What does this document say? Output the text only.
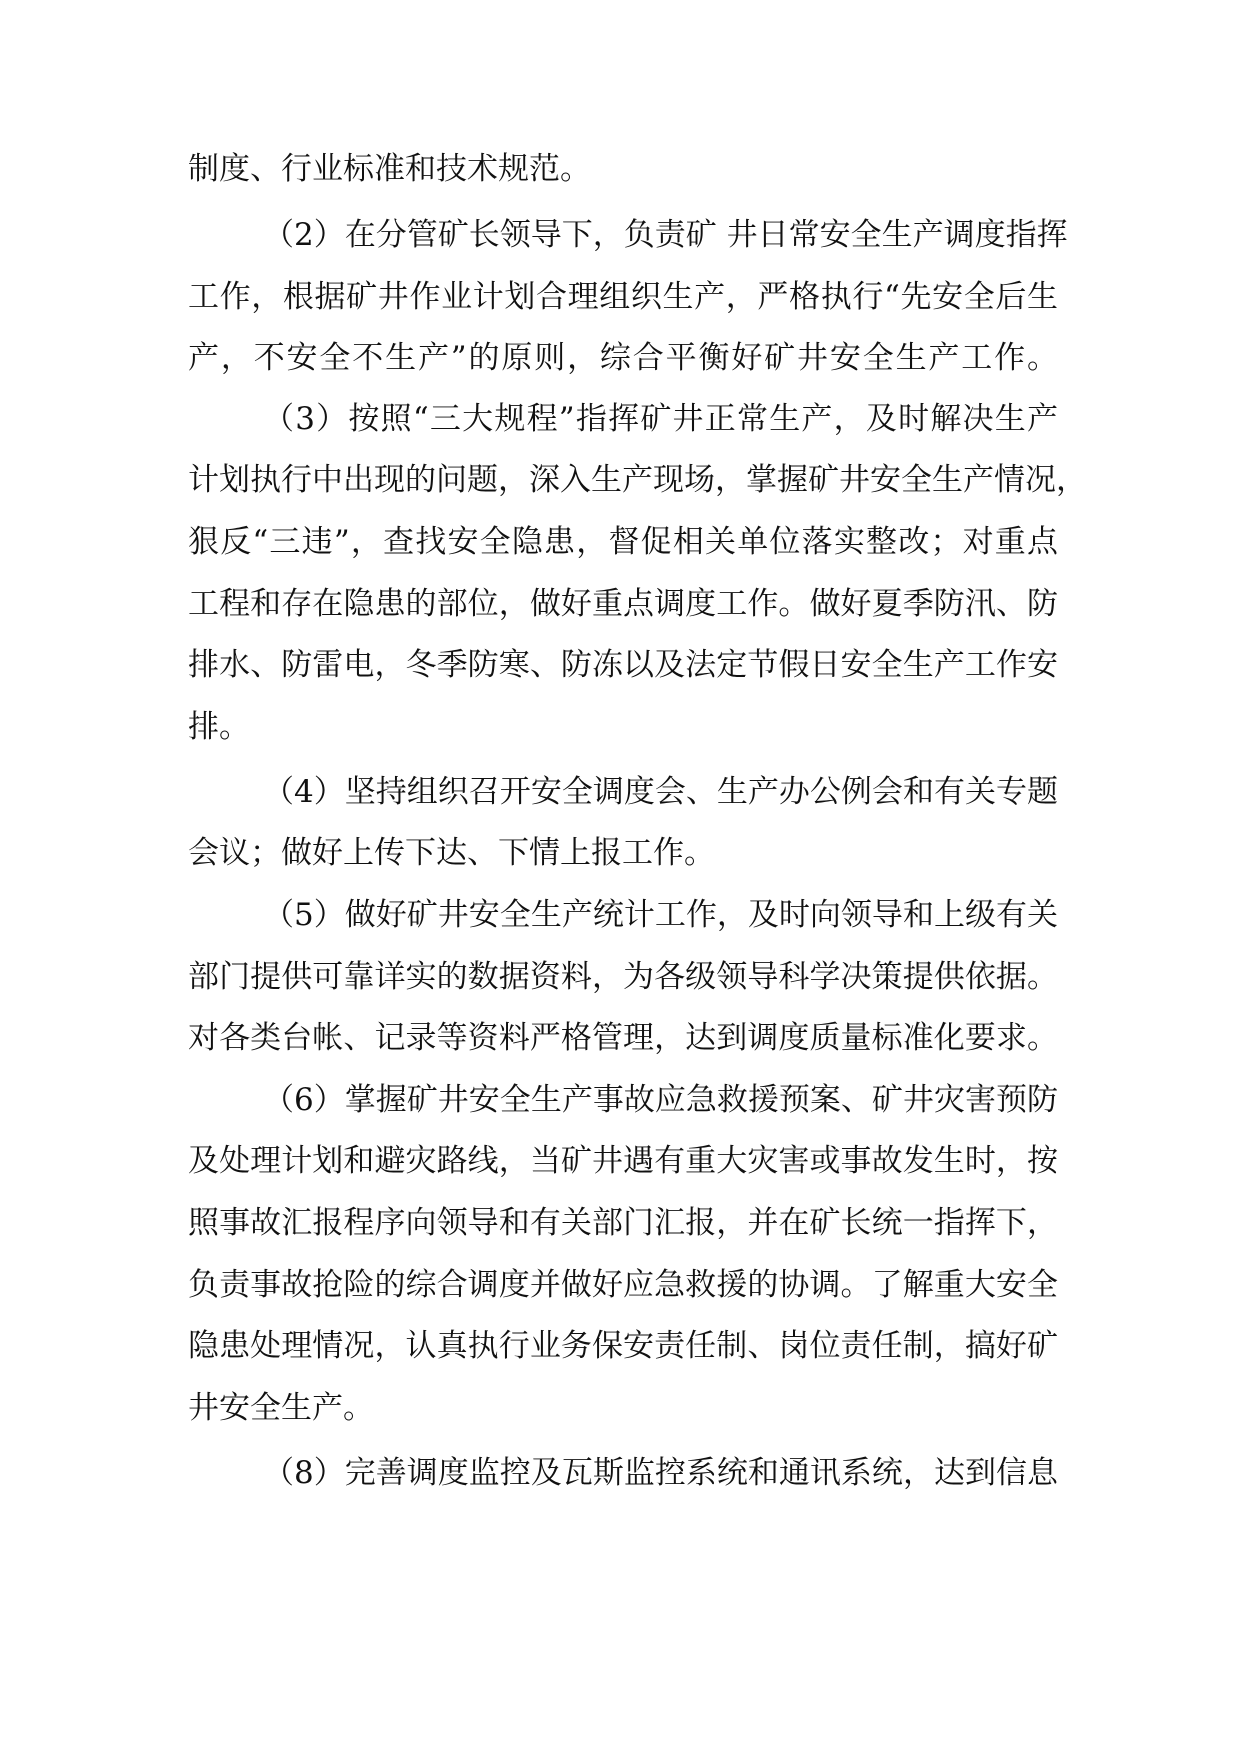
制度、行业标准和技术规范。
（2）在分管矿长领导下，负责矿 井日常安全生产调度指挥
工作，根据矿井作业计划合理组织生产，严格执行“先安全后生
产，不安全不生产”的原则，综合平衡好矿井安全生产工作。
（3）按照“三大规程”指挥矿井正常生产，及时解决生产
计划执行中出现的问题，深入生产现场，掌握矿井安全生产情况，
狠反“三违”，查找安全隐患，督促相关单位落实整改；对重点
工程和存在隐患的部位，做好重点调度工作。做好夏季防汛、防
排水、防雷电，冬季防寒、防冻以及法定节假日安全生产工作安
排。
（4）坚持组织召开安全调度会、生产办公例会和有关专题
会议；做好上传下达、下情上报工作。
（5）做好矿井安全生产统计工作，及时向领导和上级有关
部门提供可靠详实的数据资料，为各级领导科学决策提供依据。
对各类台帐、记录等资料严格管理，达到调度质量标准化要求。
（6）掌握矿井安全生产事故应急救援预案、矿井灾害预防
及处理计划和避灾路线，当矿井遇有重大灾害或事故发生时，按
照事故汇报程序向领导和有关部门汇报，并在矿长统一指挥下，
负责事故抢险的综合调度并做好应急救援的协调。了解重大安全
隐患处理情况，认真执行业务保安责任制、岗位责任制，搞好矿
井安全生产。
（8）完善调度监控及瓦斯监控系统和通讯系统，达到信息
